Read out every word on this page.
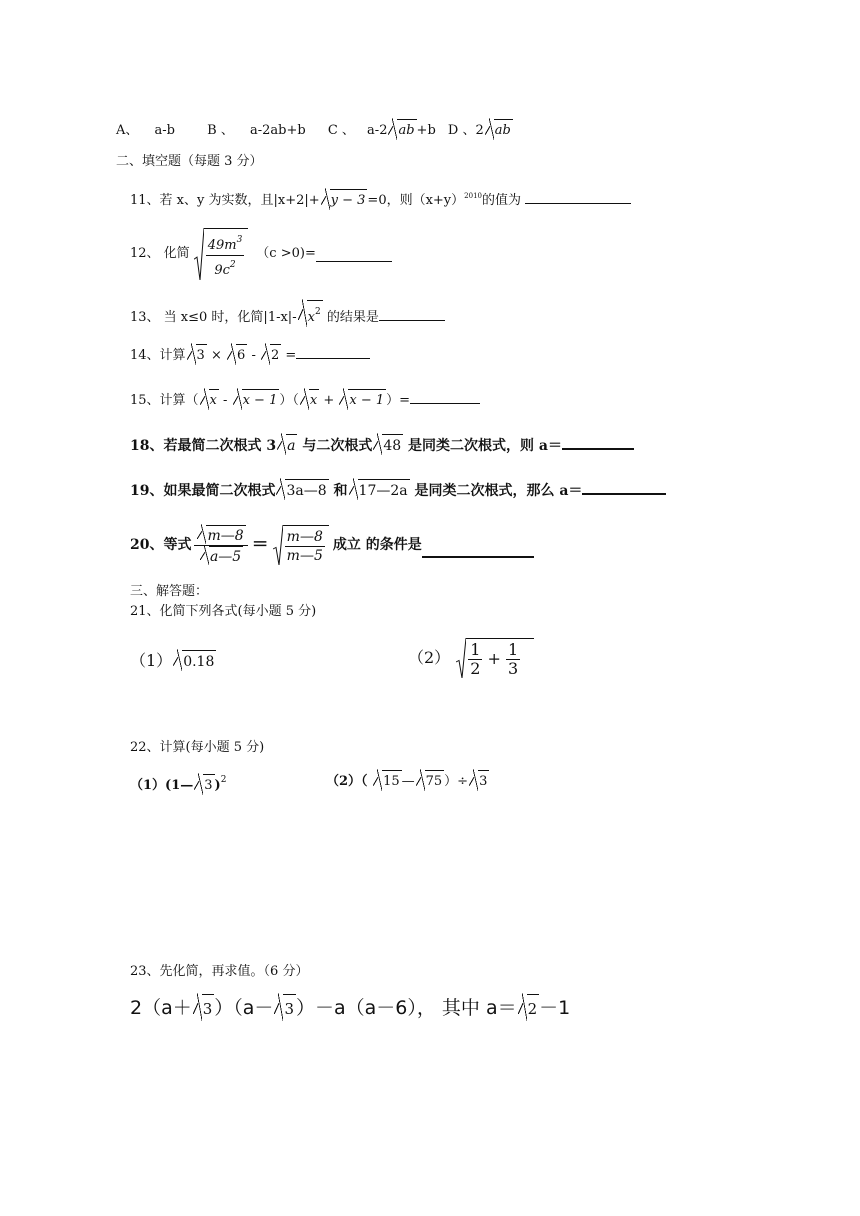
A、 a-b B 、 a-2ab+b C 、 a-2 ab +b D 、2 ab
二、填空题（每题 3 分）
11、若 x、y 为实数，且|x+2|+ y − 3 =0，则$(x+y)^{2010}$的值为
12、 化简 $\frac{49m^3}{9c^2} (c >0)=$
13、 当 x≤0 时，化简|1-x|- $x^2$ 的结果是
14、计算 3 × 6 - 2 =
15、计算（ x - x − 1 ）（ x + x − 1 ）=
18、若最简二次根式 3 a 与二次根式 48 是同类二次根式，则 a＝
19、如果最简二次根式 3a—8 和 17—2a 是同类二次根式，那么 a＝
20、等式 $\frac{m—8}{a—5} = \frac{m—8}{m—5}$ 成立 的条件是
三、解答题：
21、化简下列各式(每小题 5 分)
（1） 0.18	$(2) \frac{1}{2} + \frac{1}{3}$
22、计算(每小题 5 分)
（1）(1— 3 )$^2$	（2）（ 15 — 75 ）÷ 3
23、先化简，再求值。（6 分）
2（a＋ 3 ）（a－ 3 ）－a（a－6）， 其中 a＝ 2 －1
